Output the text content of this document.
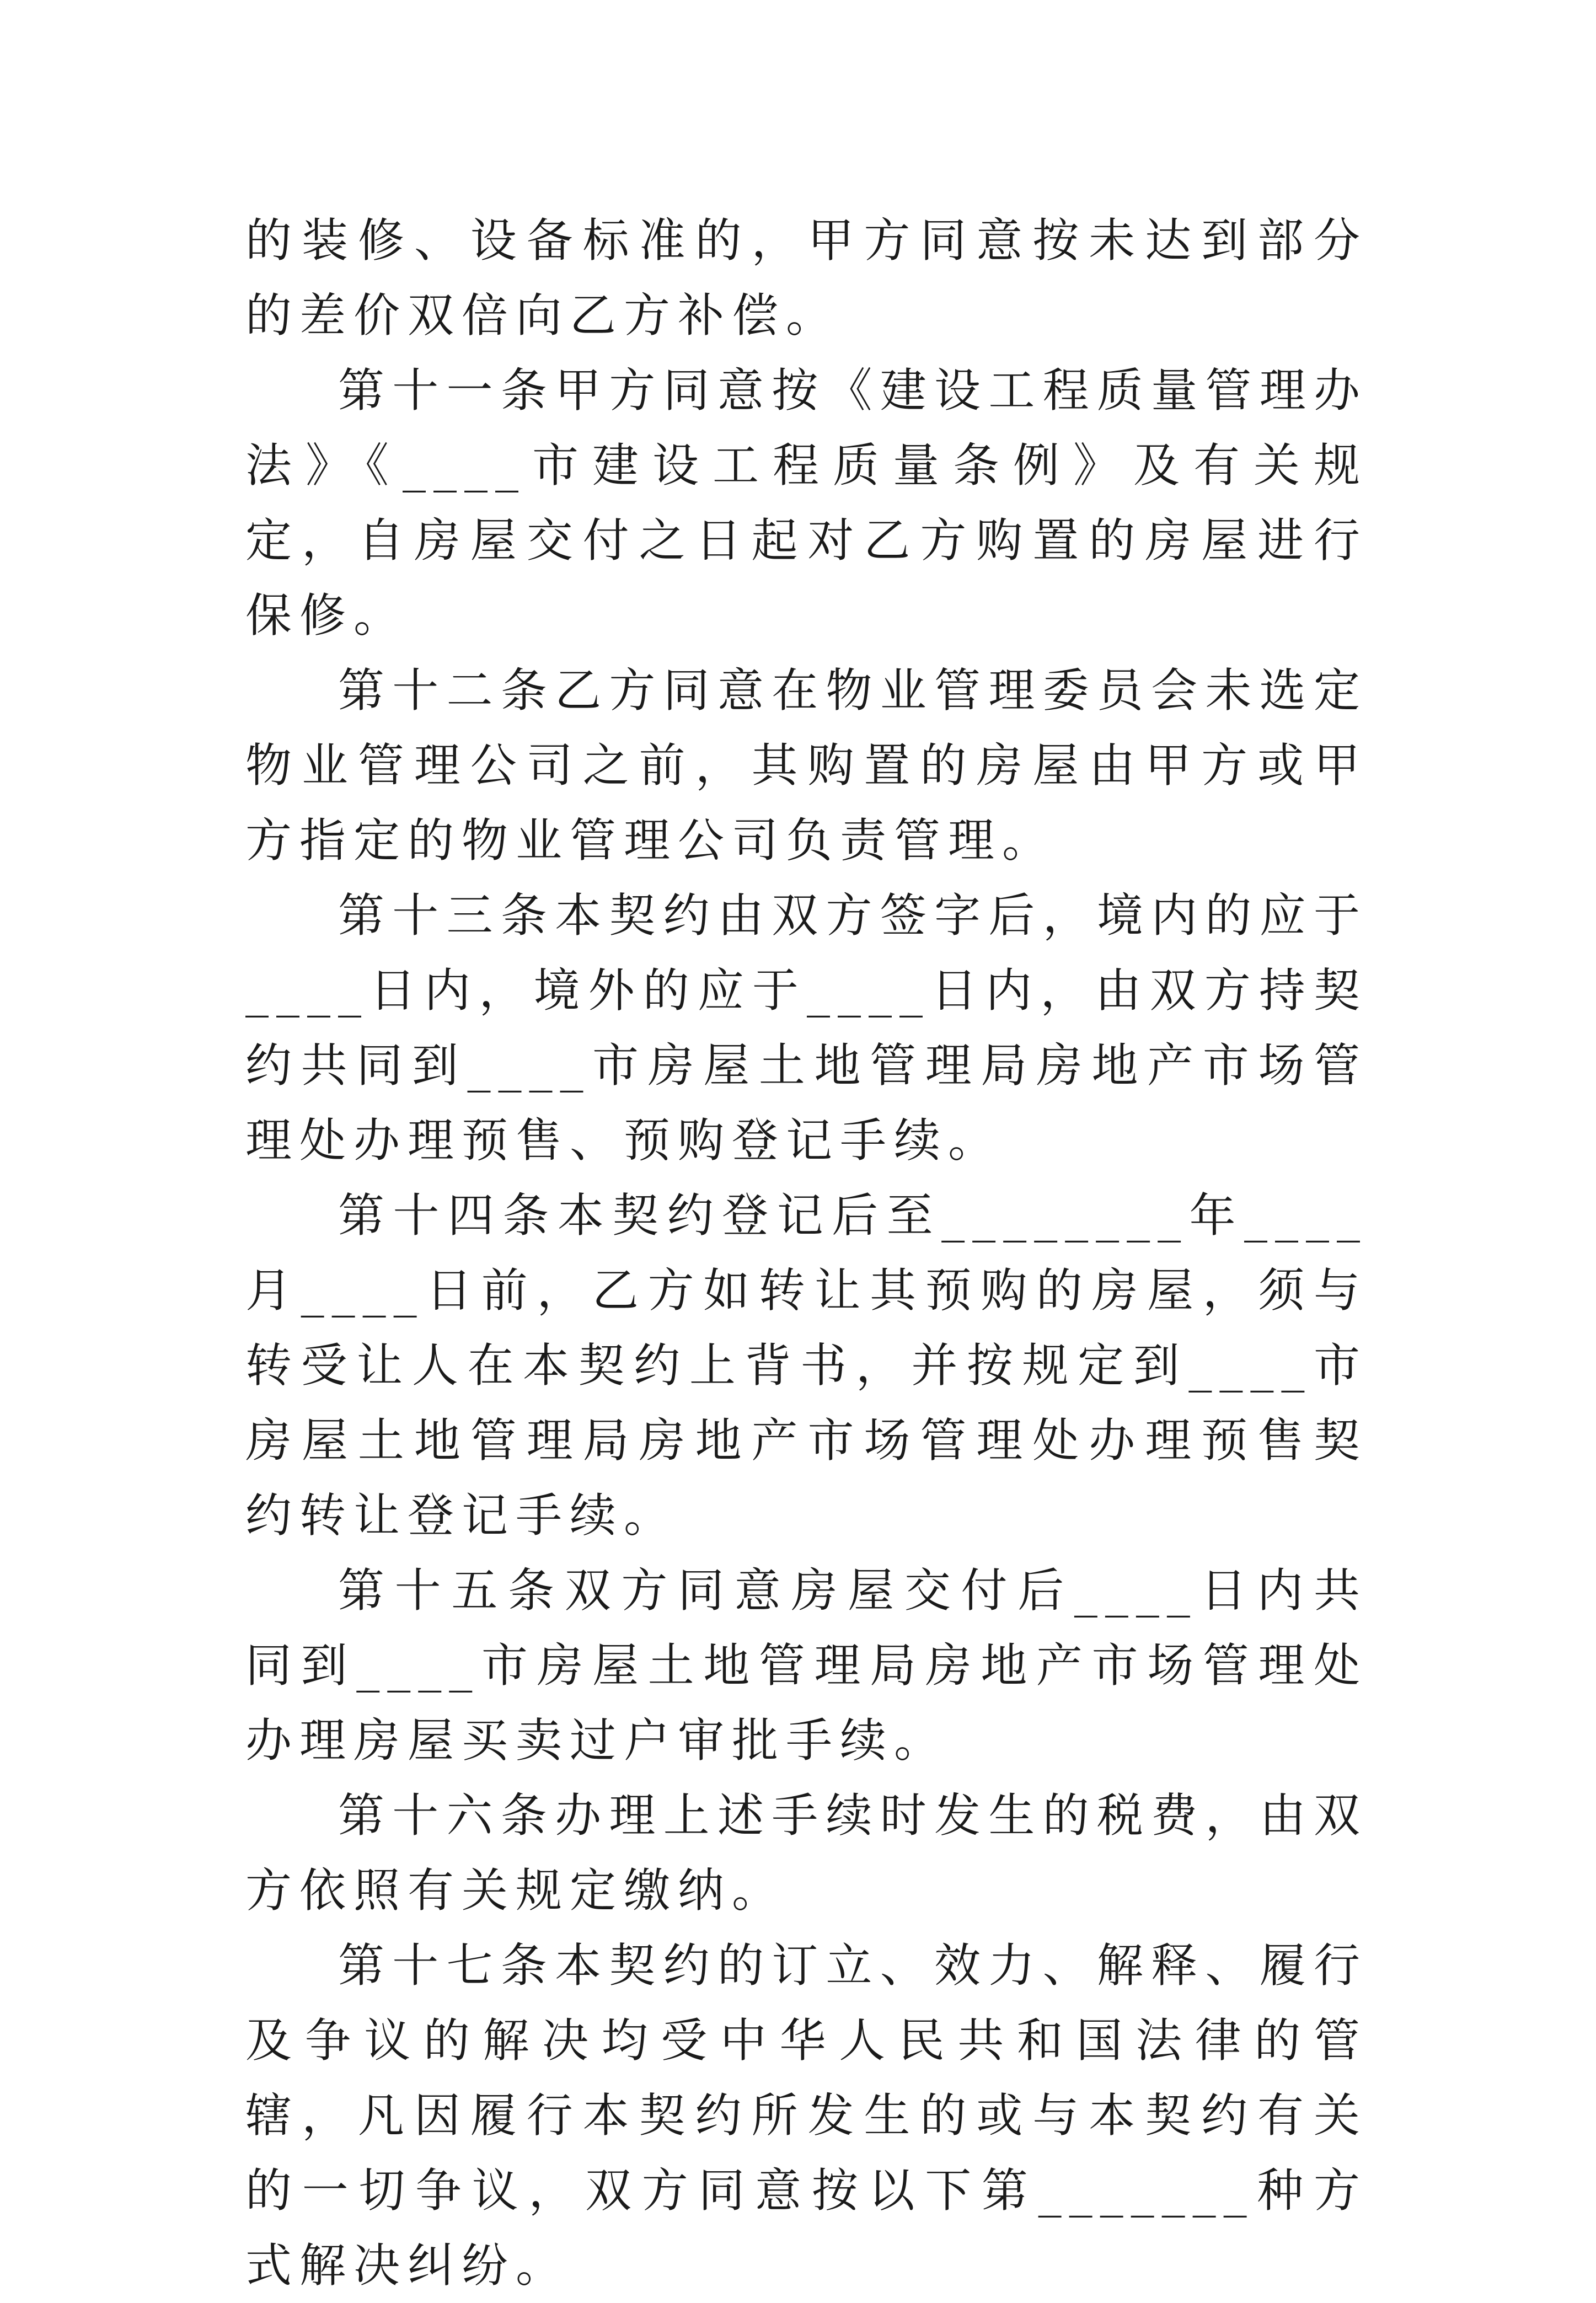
的装修、设备标准的，甲方同意按未达到部分的差价双倍向乙方补偿。

第十一条甲方同意按《建设工程质量管理办法》《____市建设工程质量条例》及有关规定，自房屋交付之日起对乙方购置的房屋进行保修。

第十二条乙方同意在物业管理委员会未选定物业管理公司之前，其购置的房屋由甲方或甲方指定的物业管理公司负责管理。

第十三条本契约由双方签字后，境内的应于____日内，境外的应于____日内，由双方持契约共同到____市房屋土地管理局房地产市场管理处办理预售、预购登记手续。

第十四条本契约登记后至________年____月____日前，乙方如转让其预购的房屋，须与转受让人在本契约上背书，并按规定到____市房屋土地管理局房地产市场管理处办理预售契约转让登记手续。

第十五条双方同意房屋交付后____日内共同到____市房屋土地管理局房地产市场管理处办理房屋买卖过户审批手续。

第十六条办理上述手续时发生的税费，由双方依照有关规定缴纳。

第十七条本契约的订立、效力、解释、履行及争议的解决均受中华人民共和国法律的管辖，凡因履行本契约所发生的或与本契约有关的一切争议，双方同意按以下第_______种方式解决纠纷。
